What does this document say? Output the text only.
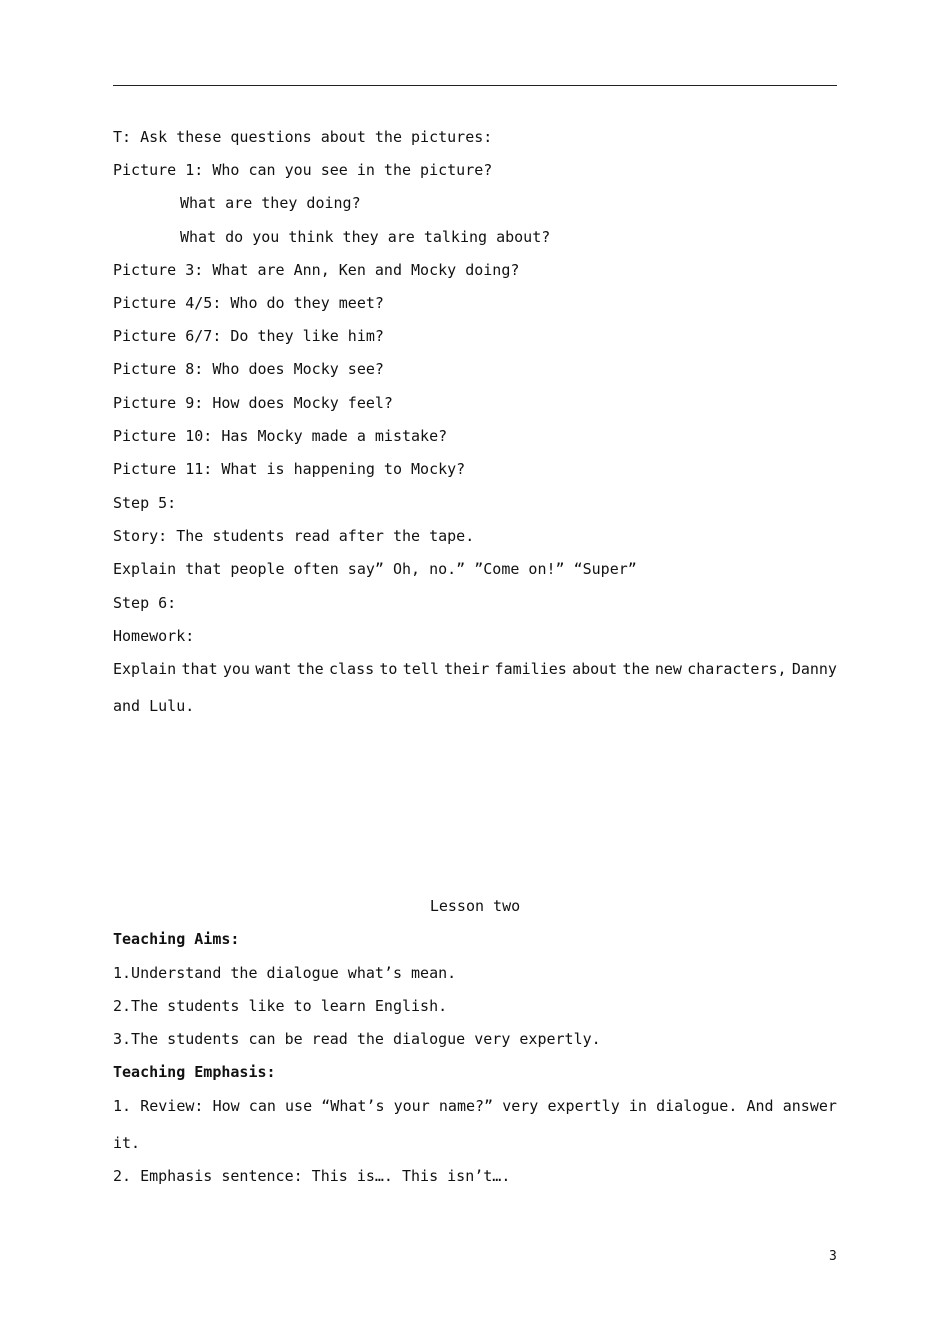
T: Ask these questions about the pictures:
Picture 1: Who can you see in the picture?
What are they doing?
What do you think they are talking about?
Picture 3: What are Ann, Ken and Mocky doing?
Picture 4/5: Who do they meet?
Picture 6/7: Do they like him?
Picture 8: Who does Mocky see?
Picture 9: How does Mocky feel?
Picture 10: Has Mocky made a mistake?
Picture 11: What is happening to Mocky?
Step 5:
Story: The students read after the tape.
Explain that people often say” Oh, no.” ”Come on!” “Super”
Step 6:
Homework:
Explain that you want the class to tell their families about the new characters, Danny
and Lulu.
Lesson two
Teaching Aims:
1.Understand the dialogue what’s mean.
2.The students like to learn English.
3.The students can be read the dialogue very expertly.
Teaching Emphasis:
1. Review: How can use “What’s your name?” very expertly in dialogue. And answer
it.
2. Emphasis sentence: This is…. This isn’t….
3
